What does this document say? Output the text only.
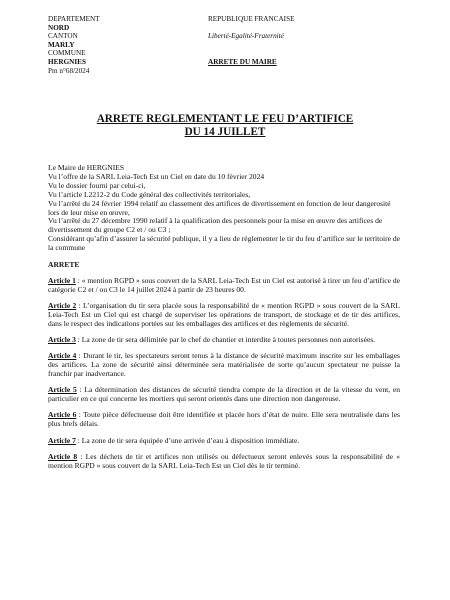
DEPARTEMENT
NORD
CANTON
MARLY
COMMUNE
HERGNIES
Pm n°68/2024
REPUBLIQUE FRANCAISE
Liberté-Egalité-Fraternité
ARRETE DU MAIRE
ARRETE REGLEMENTANT LE FEU D’ARTIFICE
DU 14 JUILLET

Le Maire de HERGNIES

Vu l’offre de la SARL Leia-Tech Est un Ciel en date du 10 février 2024

Vu le dossier fourni par celui-ci,

Vu l’article L2212-2 du Code général des collectivités territoriales,

Vu l’arrêté du 24 février 1994 relatif au classement des artifices de divertissement en fonction de leur dangerosité lors de leur mise en œuvre,

Vu l’arrêté du 27 décembre 1990 relatif à la qualification des personnels pour la mise en œuvre des artifices de divertissement du groupe C2 et / ou C3 ;

Considérant qu’afin d’assurer la sécurité publique, il y a lieu de réglementer le tir du feu d’artifice sur le territoire de la commune

ARRETE

Article 1 : « mention RGPD » sous couvert de la SARL Leia-Tech Est un Ciel est autorisé à tirer un feu d’artifice de catégorie C2 et / ou C3 le 14 juillet 2024 à partir de 23 heures 00.

Article 2 : L’organisation du tir sera placée sous la responsabilité de « mention RGPD » sous couvert de la SARL Leia-Tech Est un Ciel qui est chargé de superviser les opérations de transport, de stockage et de tir des artifices, dans le respect des indications portées sur les emballages des artifices et des règlements de sécurité.

Article 3 : La zone de tir sera délimitée par le chef de chantier et interdite à toutes personnes non autorisées.

Article 4 : Durant le tir, les spectateurs seront tenus à la distance de sécurité maximum inscrite sur les emballages des artifices. La zone de sécurité ainsi déterminée sera matérialisée de sorte qu’aucun spectateur ne puisse la franchir par inadvertance.

Article 5 : La détermination des distances de sécurité tiendra compte de la direction et de la vitesse du vent, en particulier en ce qui concerne les mortiers qui seront orientés dans une direction non dangereuse.

Article 6 : Toute pièce défectueuse doit être identifiée et placée hors d’état de nuire. Elle sera neutralisée dans les plus brefs délais.

Article 7 : La zone de tir sera équipée d’une arrivée d’eau à disposition immédiate.

Article 8 : Les déchets de tir et artifices non utilisés ou défectueux seront enlevés sous la responsabilité de « mention RGPD » sous couvert de la SARL Leia-Tech Est un Ciel dès le tir terminé.
